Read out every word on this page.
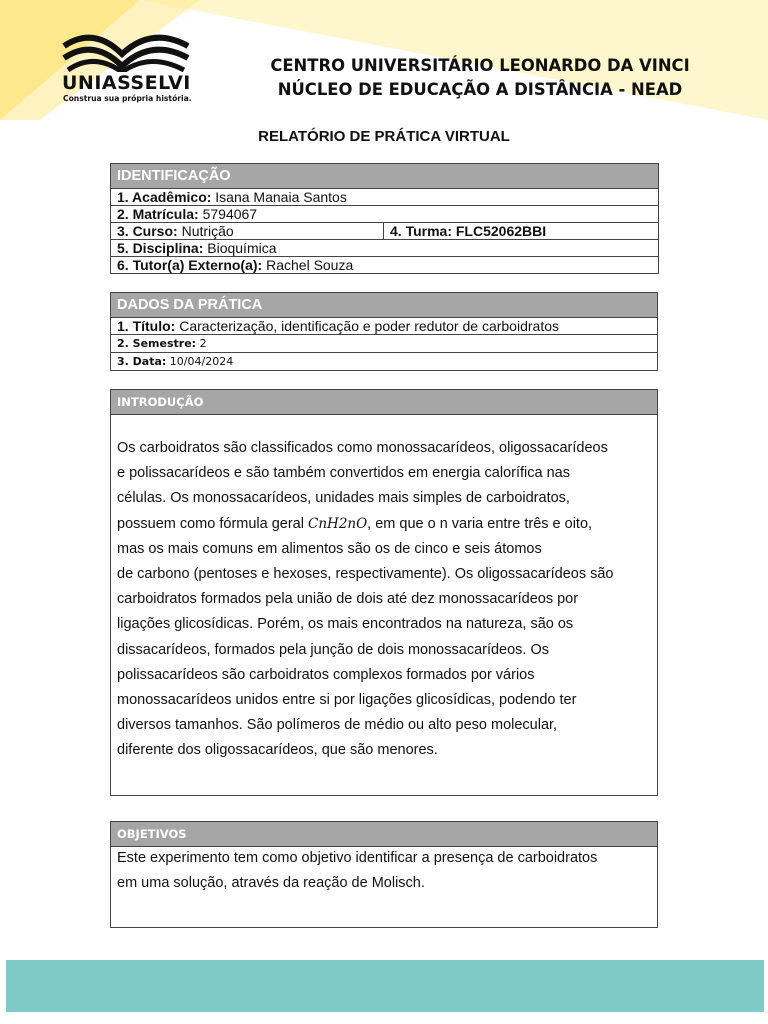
UNIASSELVI
Construa sua própria história.
CENTRO UNIVERSITÁRIO LEONARDO DA VINCI
NÚCLEO DE EDUCAÇÃO A DISTÂNCIA - NEAD
RELATÓRIO DE PRÁTICA VIRTUAL
IDENTIFICAÇÃO
1. Acadêmico: Isana Manaia Santos
2. Matrícula: 5794067
3. Curso: Nutrição	4. Turma: FLC52062BBI
5. Disciplina: Bioquímica
6. Tutor(a) Externo(a): Rachel Souza
DADOS DA PRÁTICA
1. Título: Caracterização, identificação e poder redutor de carboidratos
2. Semestre: 2
3. Data: 10/04/2024
INTRODUÇÃO
Os carboidratos são classificados como monossacarídeos, oligossacarídeos
e polissacarídeos e são também convertidos em energia calorífica nas
células. Os monossacarídeos, unidades mais simples de carboidratos,
possuem como fórmula geral CnH2nO, em que o n varia entre três e oito,
mas os mais comuns em alimentos são os de cinco e seis átomos
de carbono (pentoses e hexoses, respectivamente). Os oligossacarídeos são
carboidratos formados pela união de dois até dez monossacarídeos por
ligações glicosídicas. Porém, os mais encontrados na natureza, são os
dissacarídeos, formados pela junção de dois monossacarídeos. Os
polissacarídeos são carboidratos complexos formados por vários
monossacarídeos unidos entre si por ligações glicosídicas, podendo ter
diversos tamanhos. São polímeros de médio ou alto peso molecular,
diferente dos oligossacarídeos, que são menores.
OBJETIVOS
Este experimento tem como objetivo identificar a presença de carboidratos
em uma solução, através da reação de Molisch.
